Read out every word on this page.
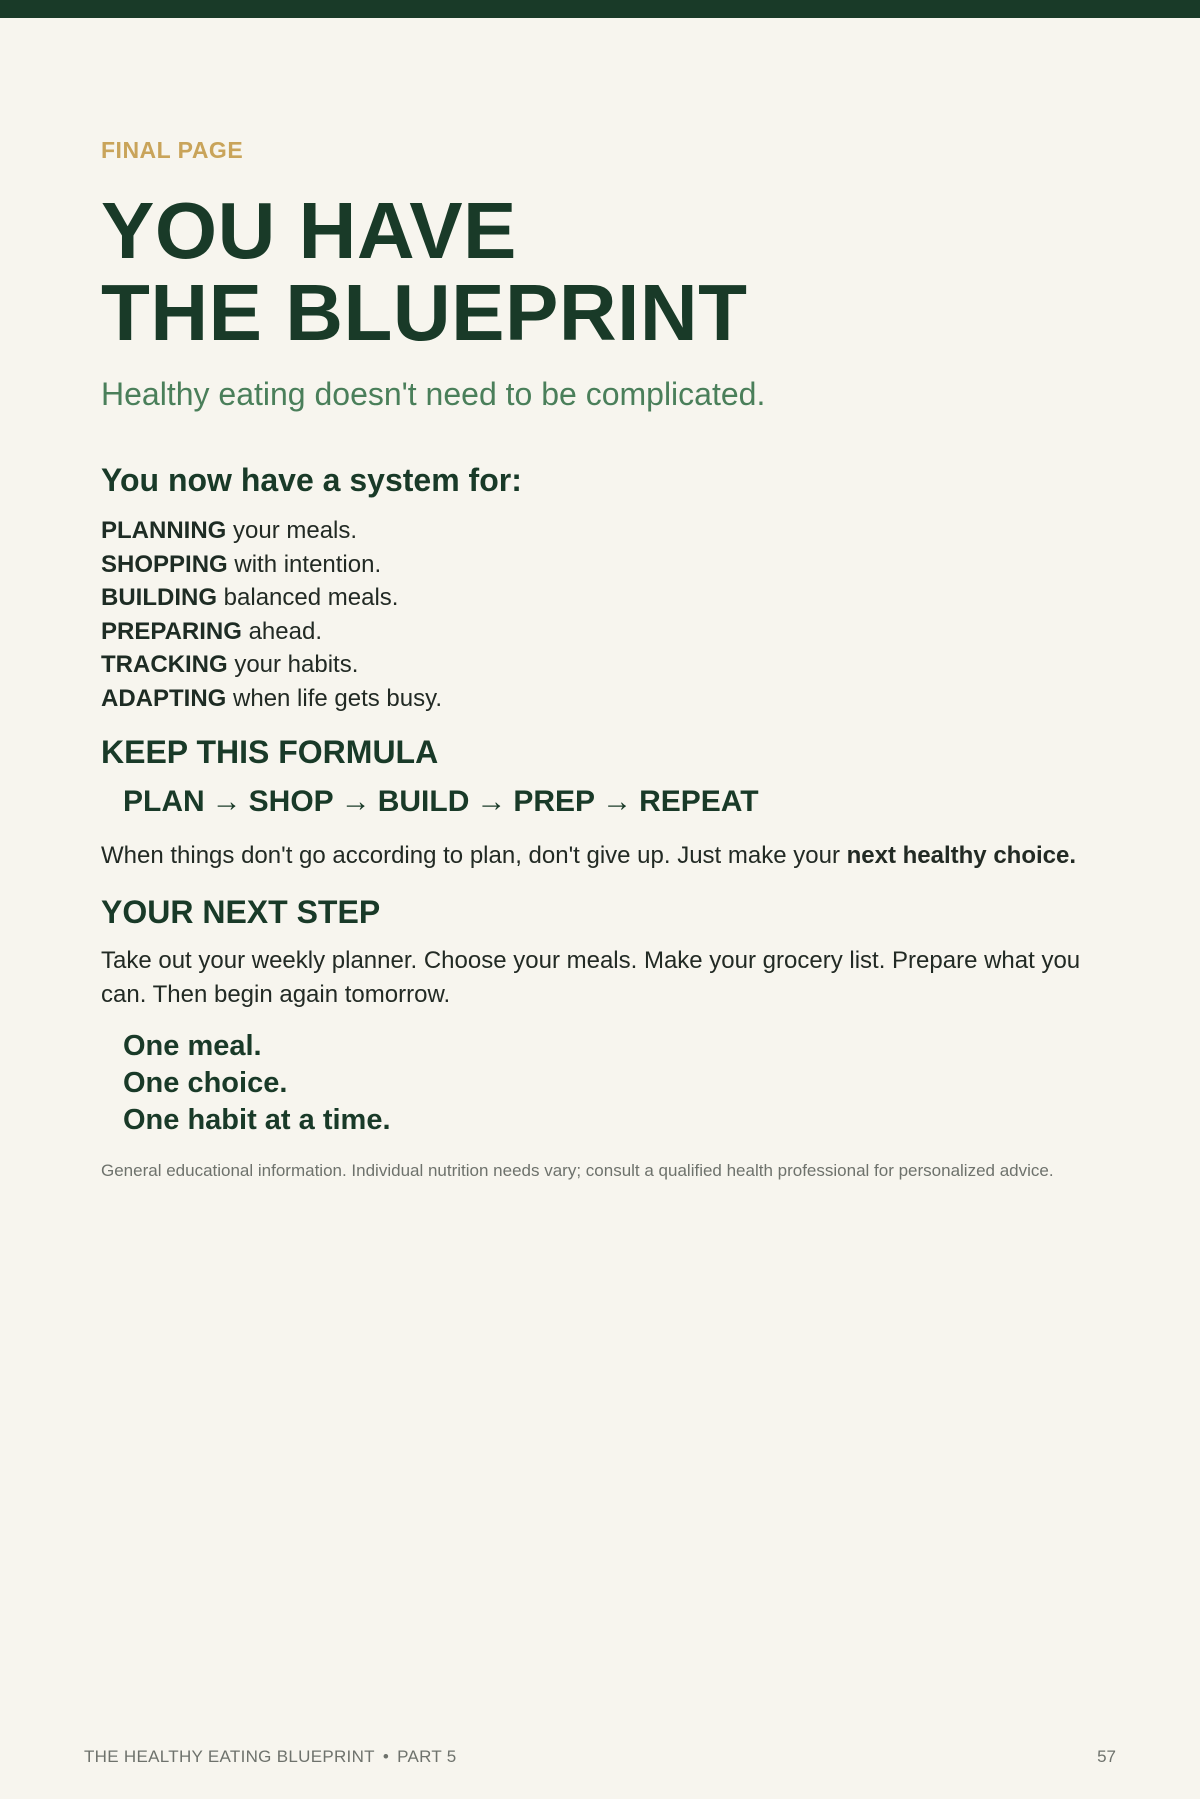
FINAL PAGE
YOU HAVE
THE BLUEPRINT
Healthy eating doesn't need to be complicated.
You now have a system for:
PLANNING your meals.
SHOPPING with intention.
BUILDING balanced meals.
PREPARING ahead.
TRACKING your habits.
ADAPTING when life gets busy.
KEEP THIS FORMULA
PLAN → SHOP → BUILD → PREP → REPEAT
When things don't go according to plan, don't give up. Just make your next healthy choice.
YOUR NEXT STEP
Take out your weekly planner. Choose your meals. Make your grocery list. Prepare what you can. Then begin again tomorrow.
One meal.
One choice.
One habit at a time.
General educational information. Individual nutrition needs vary; consult a qualified health professional for personalized advice.
THE HEALTHY EATING BLUEPRINT • PART 5	57
